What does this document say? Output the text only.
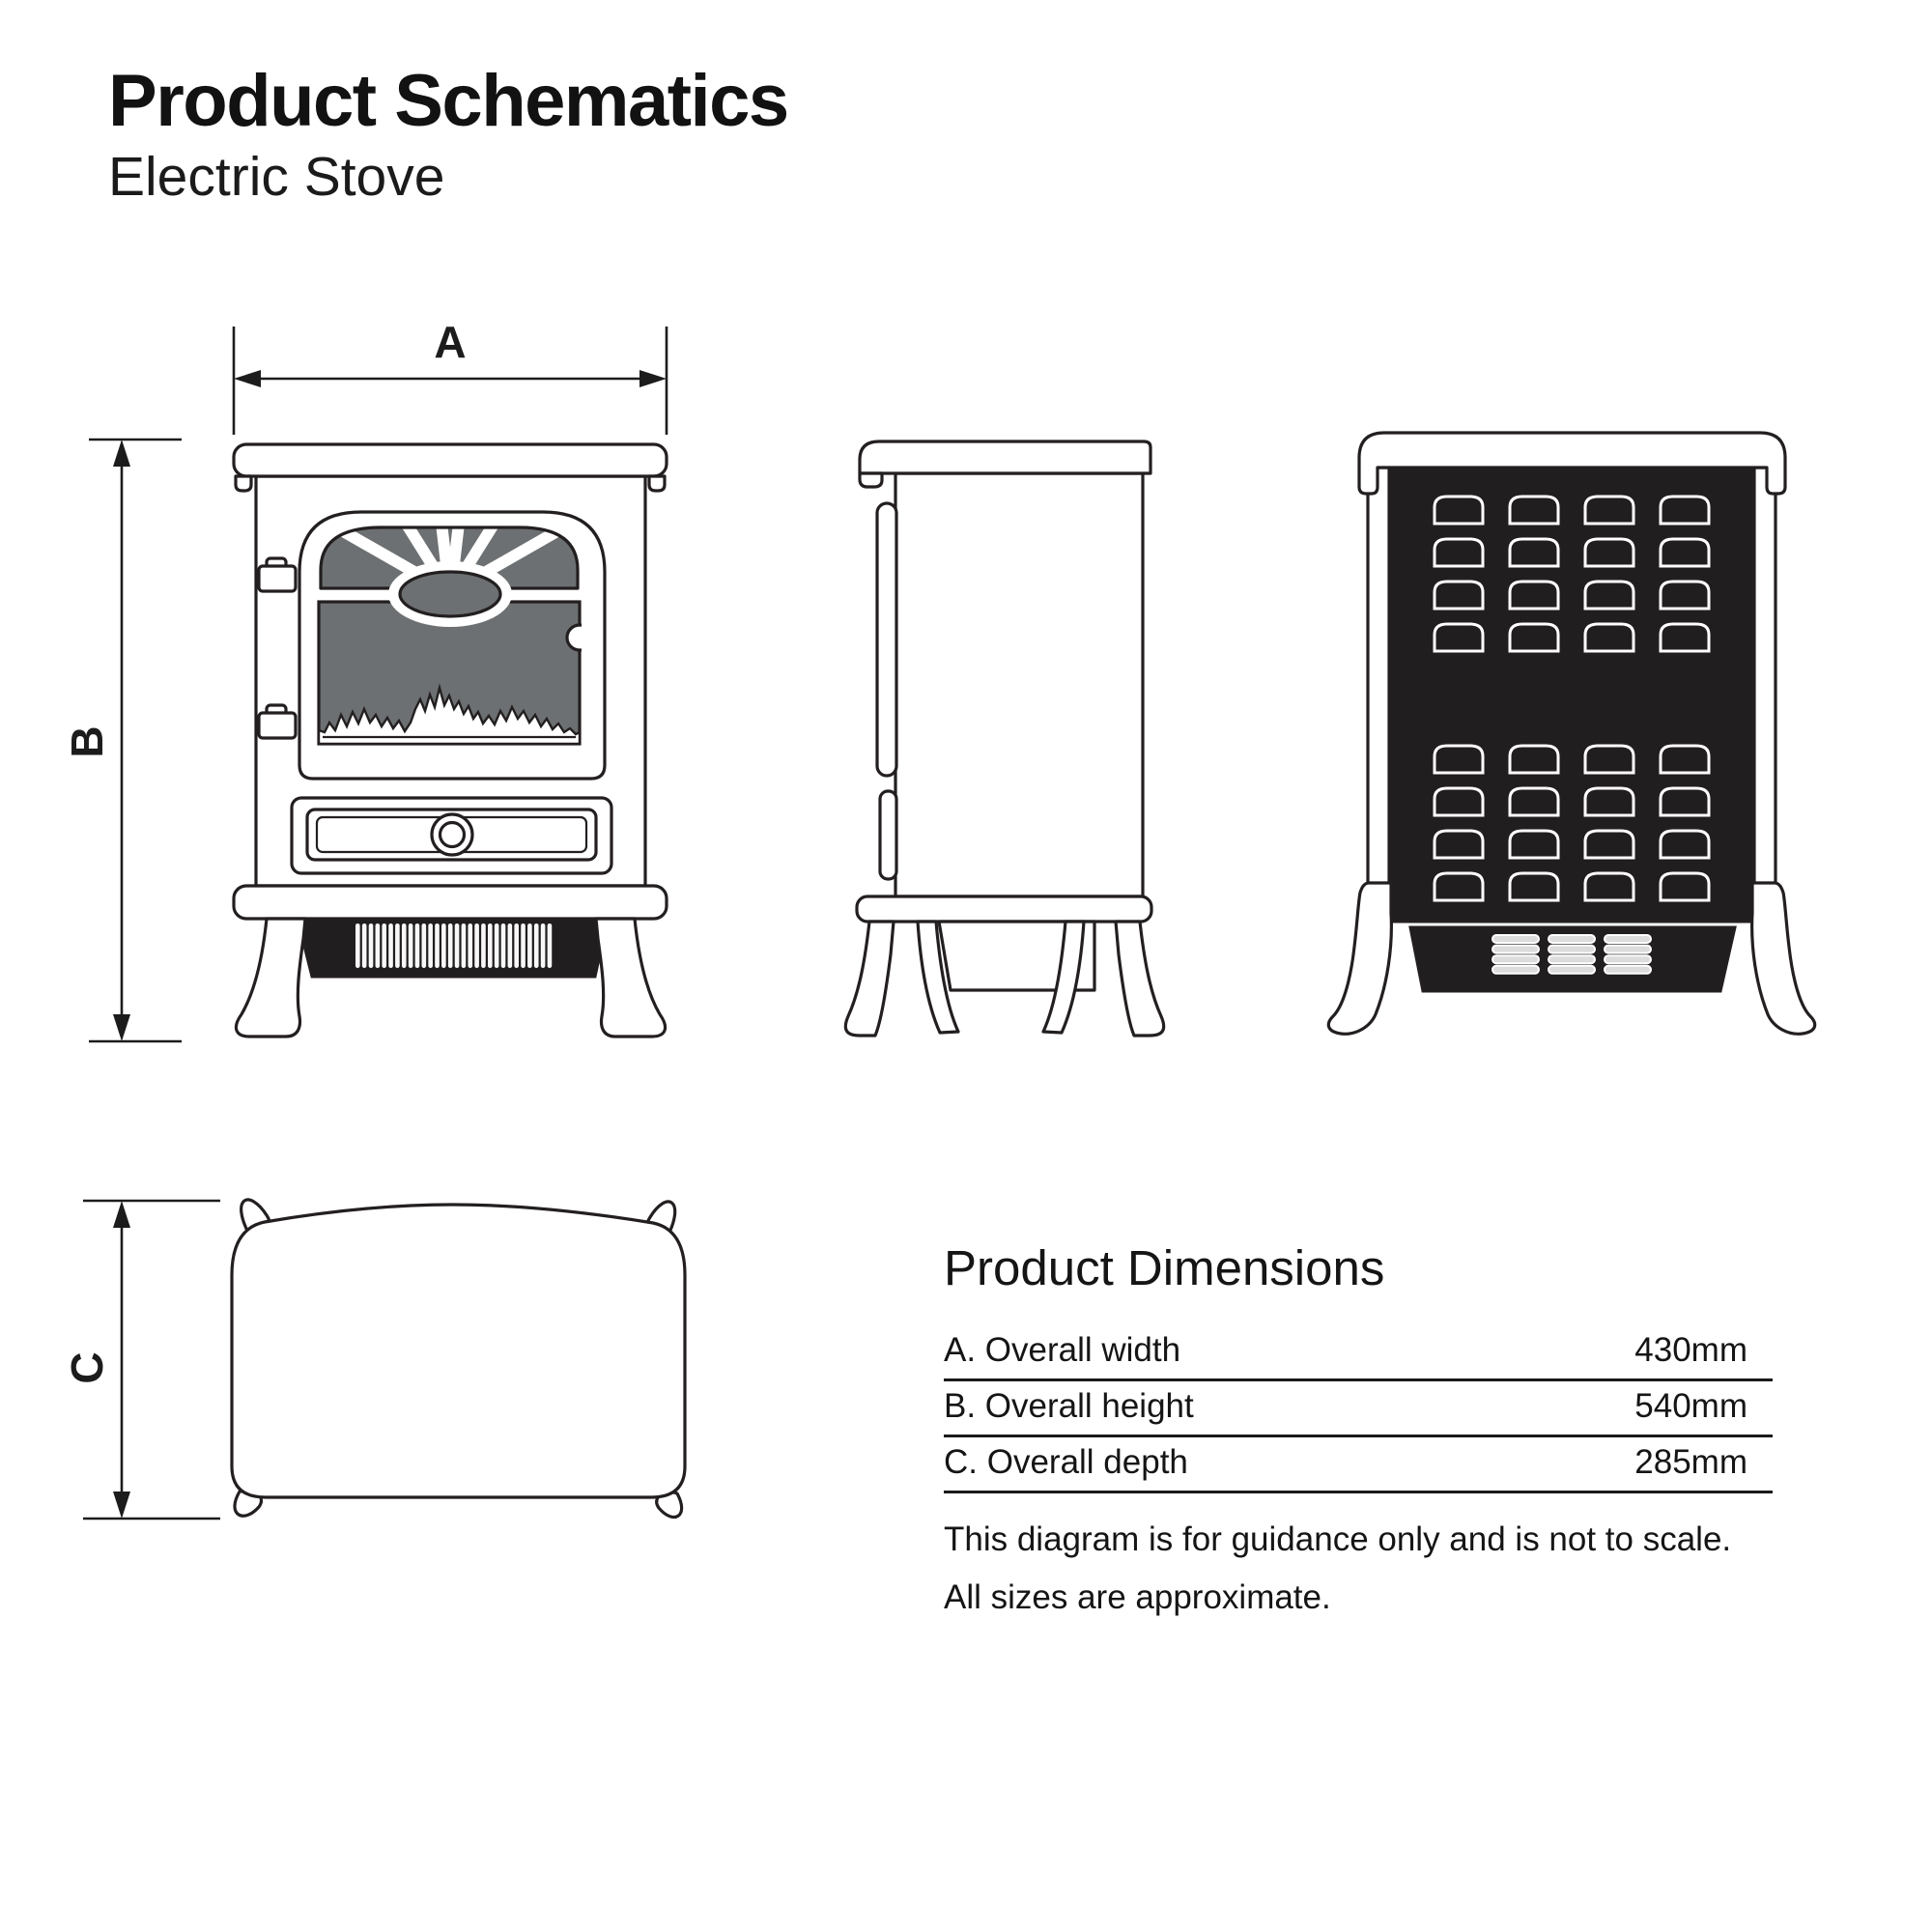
Product Schematics
Electric Stove
A
B
C
Product Dimensions
A. Overall width	430mm
B. Overall height	540mm
C. Overall depth	285mm

This diagram is for guidance only and is not to scale.

All sizes are approximate.
